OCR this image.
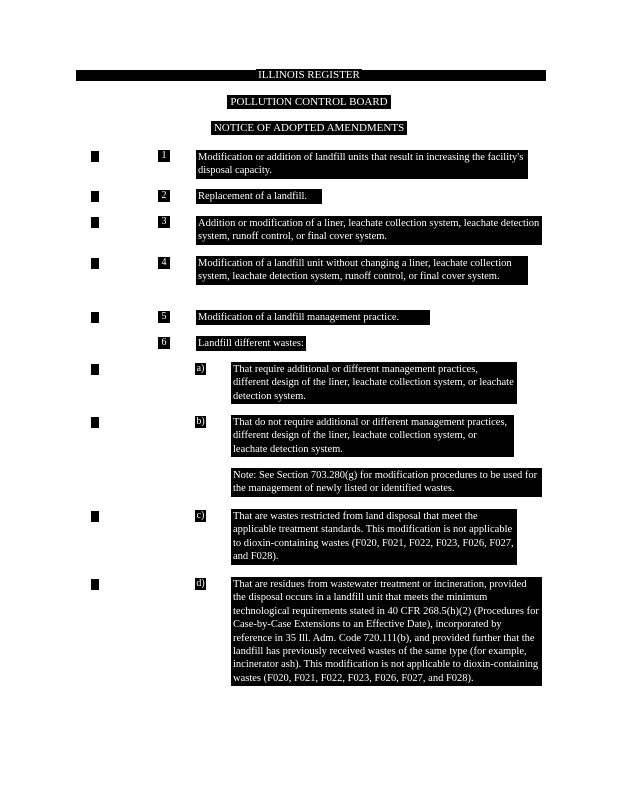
ILLINOIS REGISTER
POLLUTION CONTROL BOARD
NOTICE OF ADOPTED AMENDMENTS
1	Modification or addition of landfill units that result in increasing the facility's disposal capacity.
2	Replacement of a landfill.
3	Addition or modification of a liner, leachate collection system, leachate detection system, runoff control, or final cover system.
4	Modification of a landfill unit without changing a liner, leachate collection system, leachate detection system, runoff control, or final cover system.
5	Modification of a landfill management practice.
6	Landfill different wastes:
a)	That require additional or different management practices, different design of the liner, leachate collection system, or leachate detection system.
b)	That do not require additional or different management practices, different design of the liner, leachate collection system, or leachate detection system.
Note: See Section 703.280(g) for modification procedures to be used for the management of newly listed or identified wastes.
c)	That are wastes restricted from land disposal that meet the applicable treatment standards. This modification is not applicable to dioxin-containing wastes (F020, F021, F022, F023, F026, F027, and F028).
d)	That are residues from wastewater treatment or incineration, provided the disposal occurs in a landfill unit that meets the minimum technological requirements stated in 40 CFR 268.5(h)(2) (Procedures for Case-by-Case Extensions to an Effective Date), incorporated by reference in 35 Ill. Adm. Code 720.111(b), and provided further that the landfill has previously received wastes of the same type (for example, incinerator ash). This modification is not applicable to dioxin-containing wastes (F020, F021, F022, F023, F026, F027, and F028).
